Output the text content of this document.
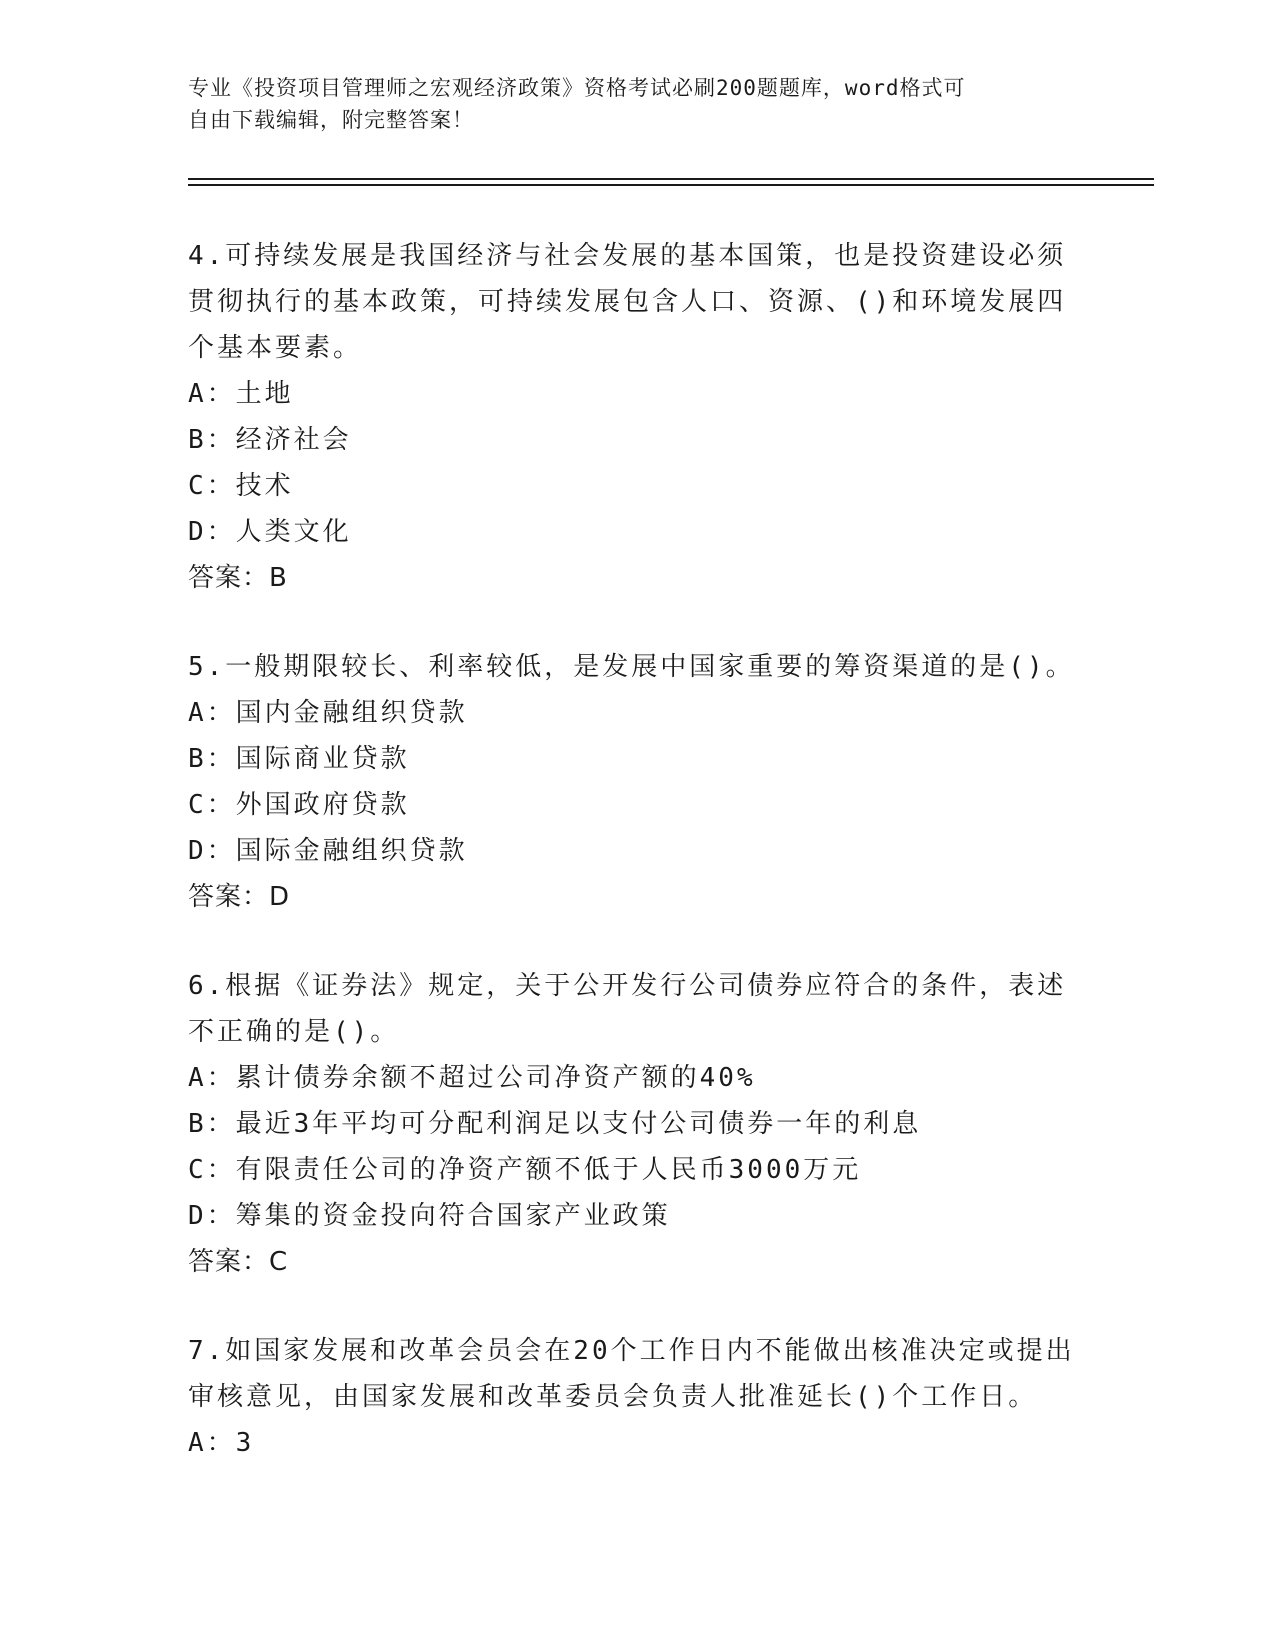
专业《投资项目管理师之宏观经济政策》资格考试必刷200题题库，word格式可
自由下载编辑，附完整答案！

4.可持续发展是我国经济与社会发展的基本国策，也是投资建设必须

贯彻执行的基本政策，可持续发展包含人口、资源、()和环境发展四

个基本要素。

A：土地

B：经济社会

C：技术

D：人类文化

答案：B

5.一般期限较长、利率较低，是发展中国家重要的筹资渠道的是()。

A：国内金融组织贷款

B：国际商业贷款

C：外国政府贷款

D：国际金融组织贷款

答案：D

6.根据《证券法》规定，关于公开发行公司债券应符合的条件，表述

不正确的是()。

A：累计债券余额不超过公司净资产额的40%

B：最近3年平均可分配利润足以支付公司债券一年的利息

C：有限责任公司的净资产额不低于人民币3000万元

D：筹集的资金投向符合国家产业政策

答案：C

7.如国家发展和改革会员会在20个工作日内不能做出核准决定或提出

审核意见，由国家发展和改革委员会负责人批准延长()个工作日。

A：3
